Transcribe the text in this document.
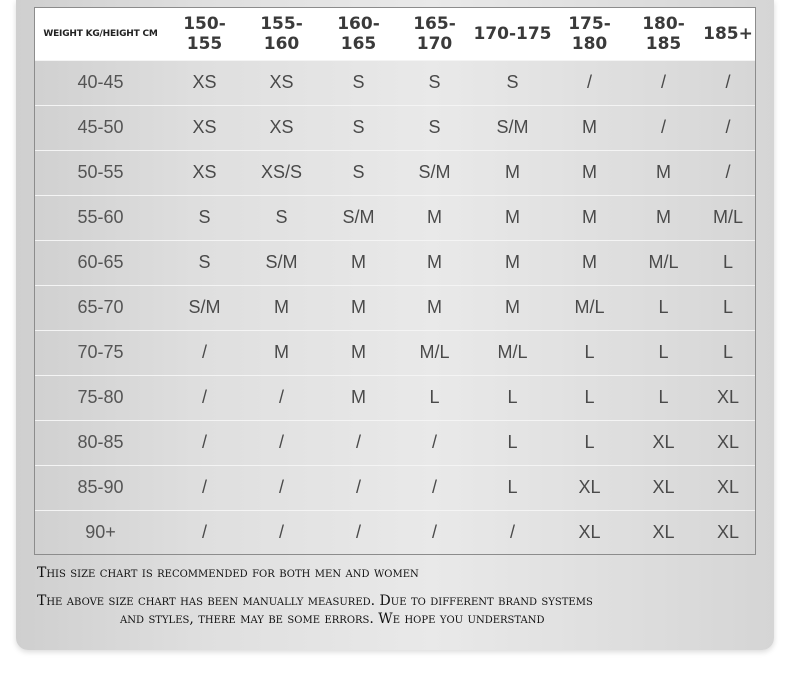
WEIGHT KG/HEIGHT CM	150-155	155-160	160-165	165-170	170-175	175-180	180-185	185+
40-45	XS	XS	S	S	S	/	/	/
45-50	XS	XS	S	S	S/M	M	/	/
50-55	XS	XS/S	S	S/M	M	M	M	/
55-60	S	S	S/M	M	M	M	M	M/L
60-65	S	S/M	M	M	M	M	M/L	L
65-70	S/M	M	M	M	M	M/L	L	L
70-75	/	M	M	M/L	M/L	L	L	L
75-80	/	/	M	L	L	L	L	XL
80-85	/	/	/	/	L	L	XL	XL
85-90	/	/	/	/	L	XL	XL	XL
90+	/	/	/	/	/	XL	XL	XL
This size chart is recommended for both men and women
The above size chart has been manually measured. Due to different brand systems
and styles, there may be some errors. We hope you understand
